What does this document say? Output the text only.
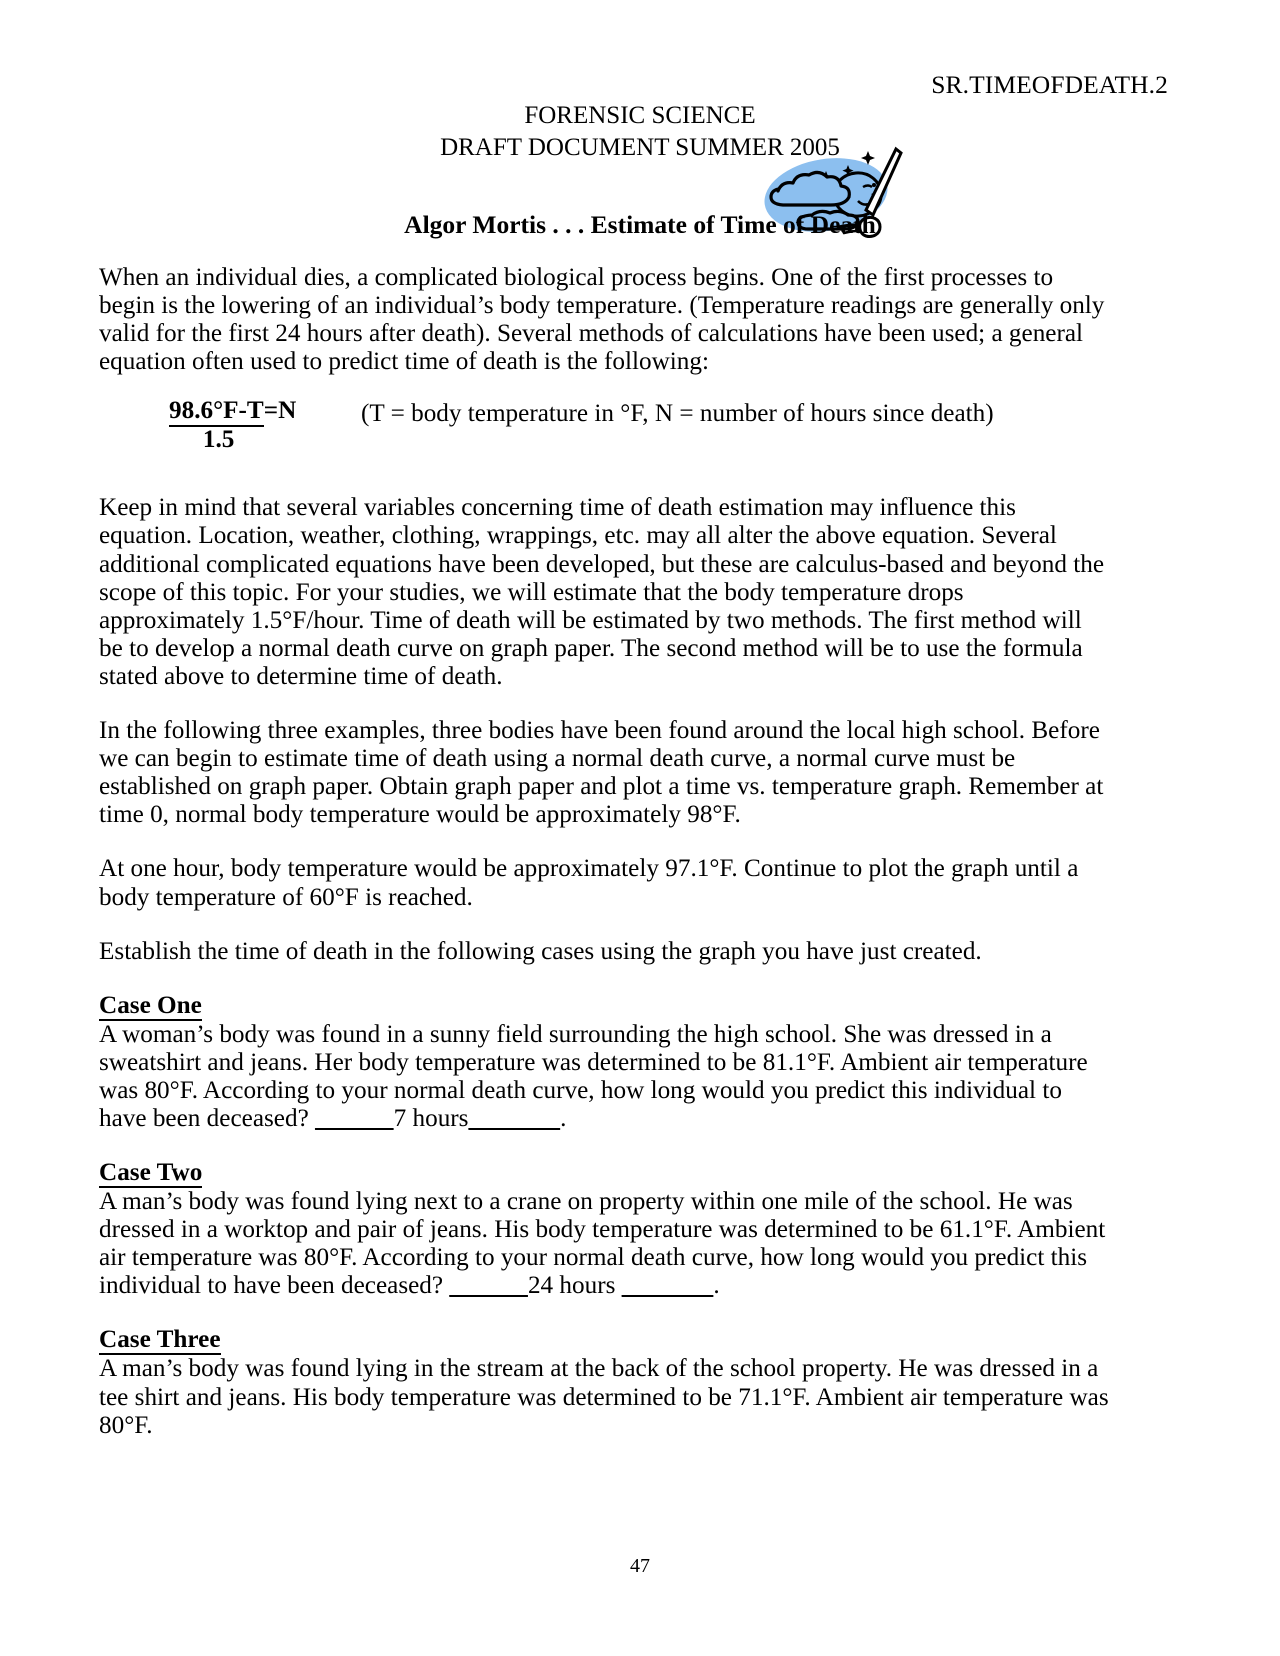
SR.TIMEOFDEATH.2
FORENSIC SCIENCE
DRAFT DOCUMENT SUMMER 2005
Algor Mortis . . . Estimate of Time of Death

When an individual dies, a complicated biological process begins. One of the first processes to begin is the lowering of an individual’s body temperature. (Temperature readings are generally only valid for the first 24 hours after death). Several methods of calculations have been used; a general equation often used to predict time of death is the following:

98.6°F-T=N
1.5
(T = body temperature in °F, N = number of hours since death)

Keep in mind that several variables concerning time of death estimation may influence this equation. Location, weather, clothing, wrappings, etc. may all alter the above equation. Several additional complicated equations have been developed, but these are calculus-based and beyond the scope of this topic. For your studies, we will estimate that the body temperature drops approximately 1.5°F/hour. Time of death will be estimated by two methods. The first method will be to develop a normal death curve on graph paper. The second method will be to use the formula stated above to determine time of death.

In the following three examples, three bodies have been found around the local high school. Before we can begin to estimate time of death using a normal death curve, a normal curve must be established on graph paper. Obtain graph paper and plot a time vs. temperature graph. Remember at time 0, normal body temperature would be approximately 98°F.

At one hour, body temperature would be approximately 97.1°F. Continue to plot the graph until a body temperature of 60°F is reached.

Establish the time of death in the following cases using the graph you have just created.

Case One

A woman’s body was found in a sunny field surrounding the high school. She was dressed in a sweatshirt and jeans. Her body temperature was determined to be 81.1°F. Ambient air temperature was 80°F. According to your normal death curve, how long would you predict this individual to have been deceased? ______7 hours_______.

Case Two

A man’s body was found lying next to a crane on property within one mile of the school. He was dressed in a worktop and pair of jeans. His body temperature was determined to be 61.1°F. Ambient air temperature was 80°F. According to your normal death curve, how long would you predict this individual to have been deceased? ______24 hours _______.

Case Three

A man’s body was found lying in the stream at the back of the school property. He was dressed in a tee shirt and jeans. His body temperature was determined to be 71.1°F. Ambient air temperature was 80°F.

47
